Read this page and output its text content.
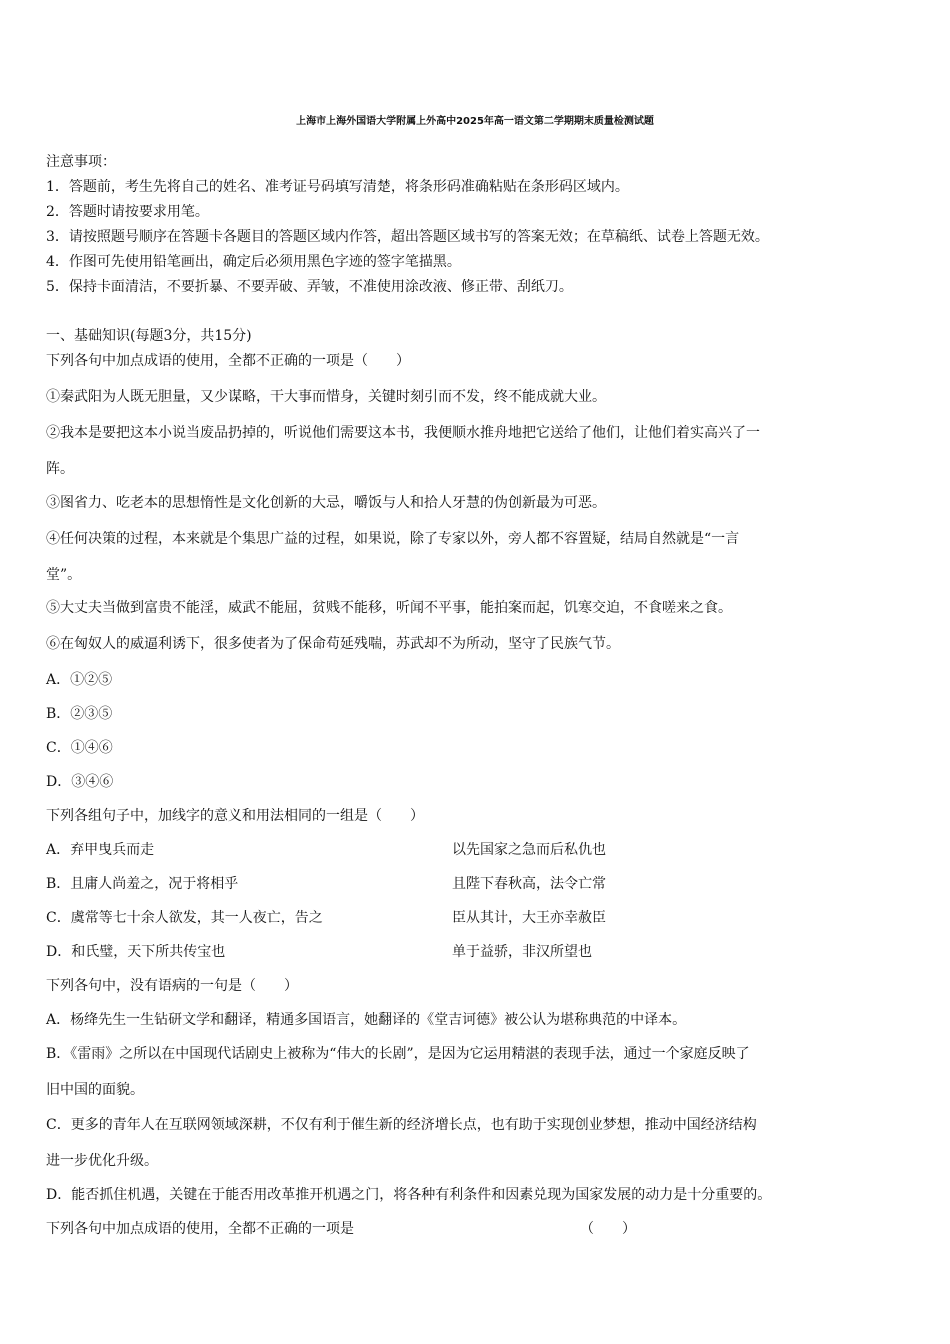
上海市上海外国语大学附属上外高中2025年高一语文第二学期期末质量检测试题
注意事项：
1．答题前，考生先将自己的姓名、准考证号码填写清楚，将条形码准确粘贴在条形码区域内。
2．答题时请按要求用笔。
3．请按照题号顺序在答题卡各题目的答题区域内作答，超出答题区域书写的答案无效；在草稿纸、试卷上答题无效。
4．作图可先使用铅笔画出，确定后必须用黑色字迹的签字笔描黑。
5．保持卡面清洁，不要折暴、不要弄破、弄皱，不准使用涂改液、修正带、刮纸刀。
一、基础知识(每题3分，共15分)
下列各句中加点成语的使用，全都不正确的一项是（　　）
①秦武阳为人既无胆量，又少谋略，干大事而惜身，关键时刻引而不发，终不能成就大业。
②我本是要把这本小说当废品扔掉的，听说他们需要这本书，我便顺水推舟地把它送给了他们，让他们着实高兴了一
阵。
③图省力、吃老本的思想惰性是文化创新的大忌，嚼饭与人和拾人牙慧的伪创新最为可恶。
④任何决策的过程，本来就是个集思广益的过程，如果说，除了专家以外，旁人都不容置疑，结局自然就是“一言
堂”。
⑤大丈夫当做到富贵不能淫，威武不能屈，贫贱不能移，听闻不平事，能拍案而起，饥寒交迫，不食嗟来之食。
⑥在匈奴人的威逼利诱下，很多使者为了保命苟延残喘，苏武却不为所动，坚守了民族气节。
A．①②⑤
B．②③⑤
C．①④⑥
D．③④⑥
下列各组句子中，加线字的意义和用法相同的一组是（　　）
A．弃甲曳兵而走	以先国家之急而后私仇也
B．且庸人尚羞之，况于将相乎	且陛下春秋高，法令亡常
C．虞常等七十余人欲发，其一人夜亡，告之	臣从其计，大王亦幸赦臣
D．和氏璧，天下所共传宝也	单于益骄，非汉所望也
下列各句中，没有语病的一句是（　　）
A．杨绛先生一生钻研文学和翻译，精通多国语言，她翻译的《堂吉诃德》被公认为堪称典范的中译本。
B．《雷雨》之所以在中国现代话剧史上被称为“伟大的长剧”，是因为它运用精湛的表现手法，通过一个家庭反映了
旧中国的面貌。
C．更多的青年人在互联网领域深耕，不仅有利于催生新的经济增长点，也有助于实现创业梦想，推动中国经济结构
进一步优化升级。
D．能否抓住机遇，关键在于能否用改革推开机遇之门，将各种有利条件和因素兑现为国家发展的动力是十分重要的。
下列各句中加点成语的使用，全都不正确的一项是	（　　）
